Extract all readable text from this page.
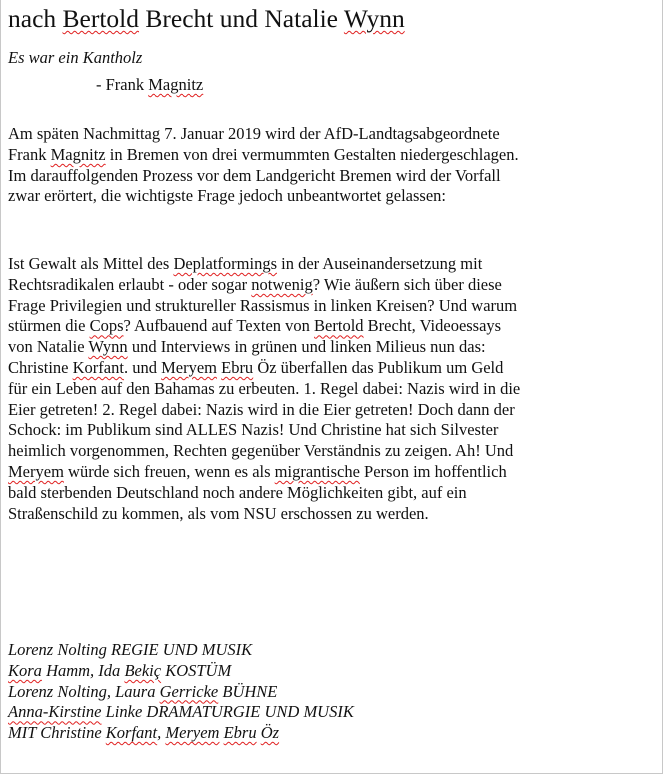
nach Bertold Brecht und Natalie Wynn
Es war ein Kantholz
- Frank Magnitz
Am späten Nachmittag 7. Januar 2019 wird der AfD-Landtagsabgeordnete
Frank Magnitz in Bremen von drei vermummten Gestalten niedergeschlagen.
Im darauffolgenden Prozess vor dem Landgericht Bremen wird der Vorfall
zwar erörtert, die wichtigste Frage jedoch unbeantwortet gelassen:
Ist Gewalt als Mittel des Deplatformings in der Auseinandersetzung mit
Rechtsradikalen erlaubt - oder sogar notwenig? Wie äußern sich über diese
Frage Privilegien und struktureller Rassismus in linken Kreisen? Und warum
stürmen die Cops? Aufbauend auf Texten von Bertold Brecht, Videoessays
von Natalie Wynn und Interviews in grünen und linken Milieus nun das:
Christine Korfant. und Meryem Ebru Öz überfallen das Publikum um Geld
für ein Leben auf den Bahamas zu erbeuten. 1. Regel dabei: Nazis wird in die
Eier getreten! 2. Regel dabei: Nazis wird in die Eier getreten! Doch dann der
Schock: im Publikum sind ALLES Nazis! Und Christine hat sich Silvester
heimlich vorgenommen, Rechten gegenüber Verständnis zu zeigen. Ah! Und
Meryem würde sich freuen, wenn es als migrantische Person im hoffentlich
bald sterbenden Deutschland noch andere Möglichkeiten gibt, auf ein
Straßenschild zu kommen, als vom NSU erschossen zu werden.
Lorenz Nolting REGIE UND MUSIK
Kora Hamm, Ida Bekiç KOSTÜM
Lorenz Nolting, Laura Gerricke BÜHNE
Anna-Kirstine Linke DRAMATURGIE UND MUSIK
MIT Christine Korfant, Meryem Ebru Öz
